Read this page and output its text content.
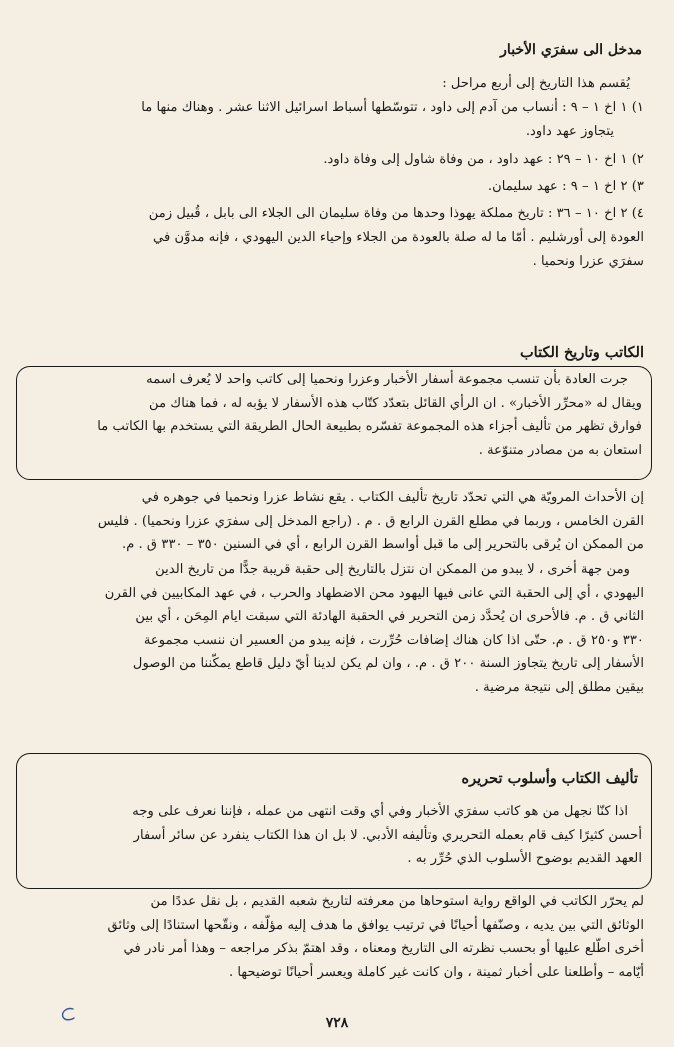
مدخل الى سفرَي الأخبار
يُقسم هذا التاريخ إلى أربع مراحل :
١) ١ اخ ١ – ٩ : أنساب من آدم إلى داود ، تتوسّطها أسباط اسرائيل الاثنا عشر . وهناك منها ما
يتجاوز عهد داود.
٢) ١ اخ ١٠ – ٢٩ : عهد داود ، من وفاة شاول إلى وفاة داود.
٣) ٢ اخ ١ – ٩ : عهد سليمان.
٤) ٢ اخ ١٠ – ٣٦ : تاريخ مملكة يهوذا وحدها من وفاة سليمان الى الجلاء الى بابل ، قُبيل زمن
العودة إلى أورشليم . أمّا ما له صلة بالعودة من الجلاء وإحياء الدين اليهودي ، فإنه مدوَّن في
سفرَي عزرا ونحميا .
الكاتب وتاريخ الكتاب
جرت العادة بأن تنسب مجموعة أسفار الأخبار وعزرا ونحميا إلى كاتب واحد لا يُعرف اسمه
ويقال له «محرِّر الأخبار» . ان الرأي القائل بتعدّد كتّاب هذه الأسفار لا يؤبه له ، فما هناك من
فوارق تظهر من تأليف أجزاء هذه المجموعة تفسّره بطبيعة الحال الطريقة التي يستخدم بها الكاتب ما
استعان به من مصادر متنوّعة .
إن الأحداث المرويّة هي التي تحدّد تاريخ تأليف الكتاب . يقع نشاط عزرا ونحميا في جوهره في
القرن الخامس ، وربما في مطلع القرن الرابع ق . م . (راجع المدخل إلى سفرَي عزرا ونحميا) . فليس
من الممكن ان يُرقى بالتحرير إلى ما قبل أواسط القرن الرابع ، أي في السنين ٣٥٠ – ٣٣٠ ق . م.
ومن جهة أخرى ، لا يبدو من الممكن ان نتزل بالتاريخ إلى حقبة قريبة جدًّا من تاريخ الدين
اليهودي ، أي إلى الحقبة التي عانى فيها اليهود محن الاضطهاد والحرب ، في عهد المكابيين في القرن
الثاني ق . م. فالأحرى ان يُحدَّد زمن التحرير في الحقبة الهادئة التي سبقت ايام المِحَن ، أي بين
٣٣٠ و٢٥٠ ق . م. حتّى اذا كان هناك إضافات حُرِّرت ، فإنه يبدو من العسير ان ننسب مجموعة
الأسفار إلى تاريخ يتجاوز السنة ٢٠٠ ق . م. ، وان لم يكن لدينا أيّ دليل قاطع يمكّننا من الوصول
بيقين مطلق إلى نتيجة مرضية .
تأليف الكتاب وأسلوب تحريره
اذا كنّا نجهل من هو كاتب سفرَي الأخبار وفي أي وقت انتهى من عمله ، فإننا نعرف على وجه
أحسن كثيرًا كيف قام بعمله التحريري وتأليفه الأدبي. لا بل ان هذا الكتاب ينفرد عن سائر أسفار
العهد القديم بوضوح الأسلوب الذي حُرِّر به .
لم يحرّر الكاتب في الواقع رواية استوحاها من معرفته لتاريخ شعبه القديم ، بل نقل عددًا من
الوثائق التي بين يديه ، وصنّفها أحيانًا في ترتيب يوافق ما هدف إليه مؤلّفه ، ونقّحها استنادًا إلى وثائق
أخرى اطّلع عليها أو بحسب نظرته الى التاريخ ومعناه ، وقد اهتمّ بذكر مراجعه – وهذا أمر نادر في
أيّامه – وأطلعنا على أخبار ثمينة ، وان كانت غير كاملة ويعسر أحيانًا توضيحها .
٧٢٨
